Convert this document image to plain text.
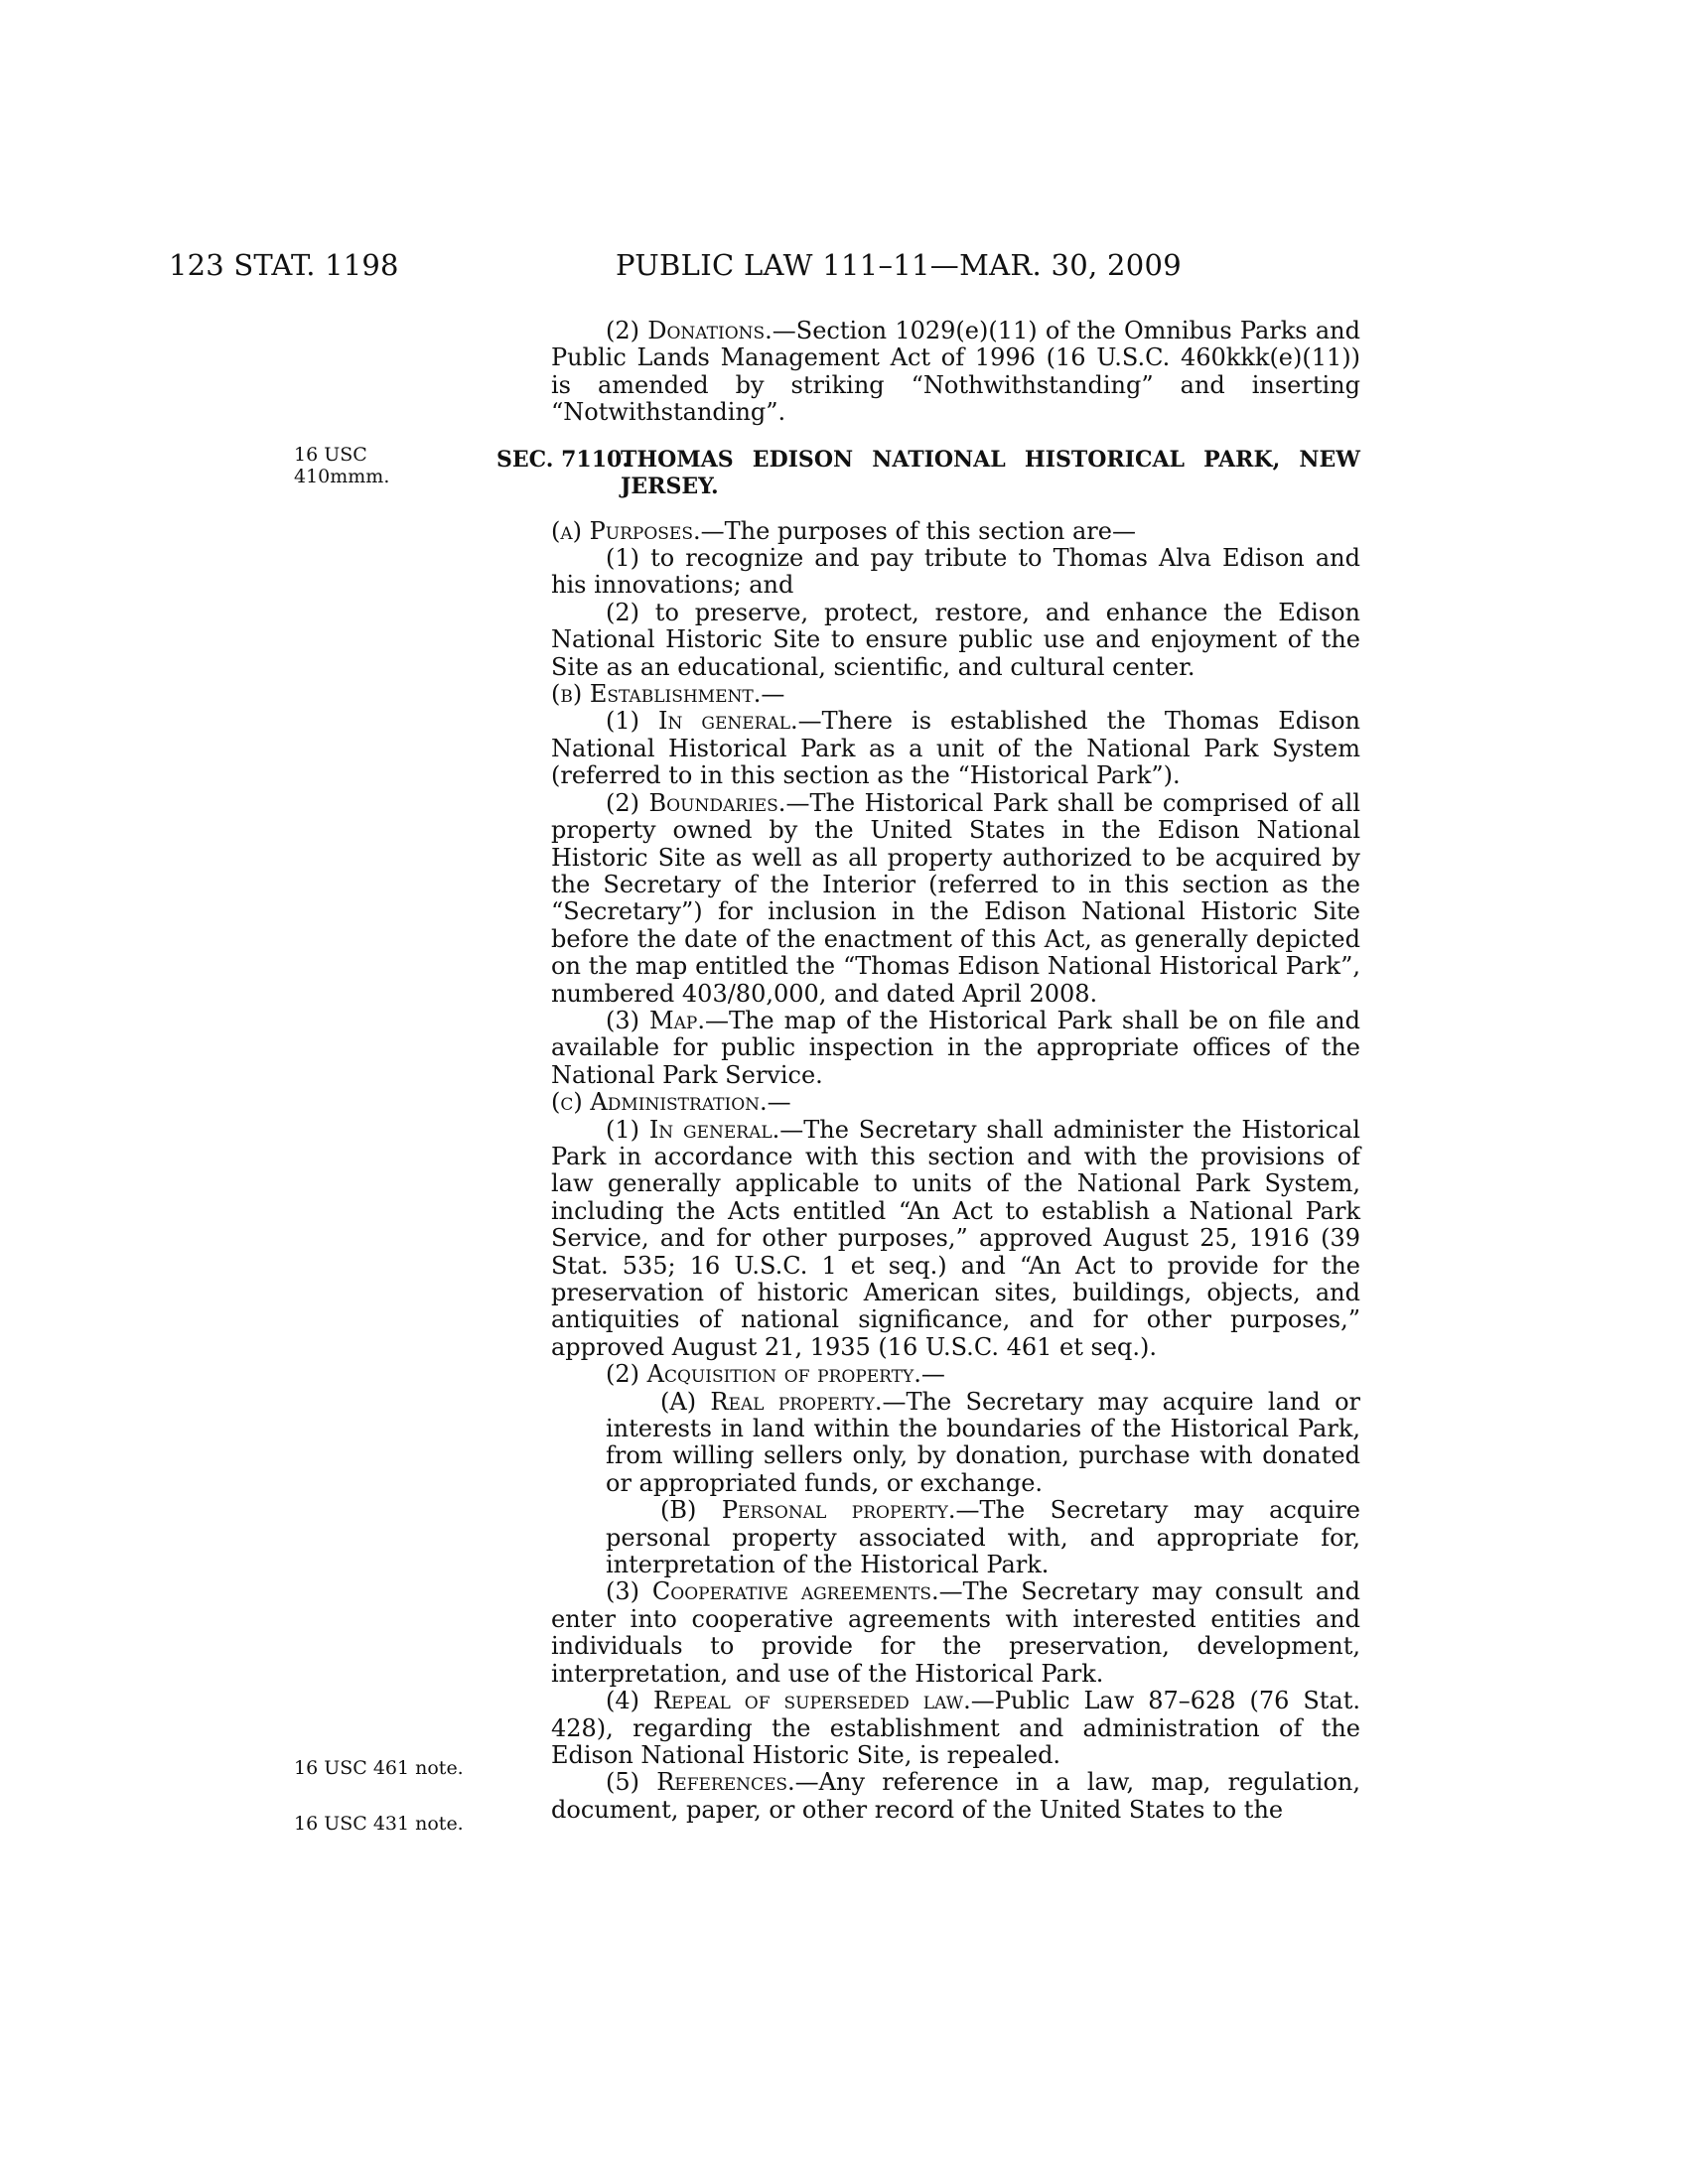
123 STAT. 1198	PUBLIC LAW 111–11—MAR. 30, 2009
16 USC
410mmm.
16 USC 461 note.
16 USC 431 note.

(2) Donations.—Section 1029(e)(11) of the Omnibus Parks and Public Lands Management Act of 1996 (16 U.S.C. 460kkk(e)(11)) is amended by striking “Nothwithstanding” and inserting “Notwithstanding”.

SEC. 7110.
THOMAS EDISON NATIONAL HISTORICAL PARK, NEW JERSEY.

(a) Purposes.—The purposes of this section are—

(1) to recognize and pay tribute to Thomas Alva Edison and his innovations; and

(2) to preserve, protect, restore, and enhance the Edison National Historic Site to ensure public use and enjoyment of the Site as an educational, scientific, and cultural center.

(b) Establishment.—

(1) In general.—There is established the Thomas Edison National Historical Park as a unit of the National Park System (referred to in this section as the “Historical Park”).

(2) Boundaries.—The Historical Park shall be comprised of all property owned by the United States in the Edison National Historic Site as well as all property authorized to be acquired by the Secretary of the Interior (referred to in this section as the “Secretary”) for inclusion in the Edison National Historic Site before the date of the enactment of this Act, as generally depicted on the map entitled the “Thomas Edison National Historical Park”, numbered 403/80,000, and dated April 2008.

(3) Map.—The map of the Historical Park shall be on file and available for public inspection in the appropriate offices of the National Park Service.

(c) Administration.—

(1) In general.—The Secretary shall administer the Historical Park in accordance with this section and with the provisions of law generally applicable to units of the National Park System, including the Acts entitled “An Act to establish a National Park Service, and for other purposes,” approved August 25, 1916 (39 Stat. 535; 16 U.S.C. 1 et seq.) and “An Act to provide for the preservation of historic American sites, buildings, objects, and antiquities of national significance, and for other purposes,” approved August 21, 1935 (16 U.S.C. 461 et seq.).

(2) Acquisition of property.—

(A) Real property.—The Secretary may acquire land or interests in land within the boundaries of the Historical Park, from willing sellers only, by donation, purchase with donated or appropriated funds, or exchange.

(B) Personal property.—The Secretary may acquire personal property associated with, and appropriate for, interpretation of the Historical Park.

(3) Cooperative agreements.—The Secretary may consult and enter into cooperative agreements with interested entities and individuals to provide for the preservation, development, interpretation, and use of the Historical Park.

(4) Repeal of superseded law.—Public Law 87–628 (76 Stat. 428), regarding the establishment and administration of the Edison National Historic Site, is repealed.

(5) References.—Any reference in a law, map, regulation, document, paper, or other record of the United States to the
